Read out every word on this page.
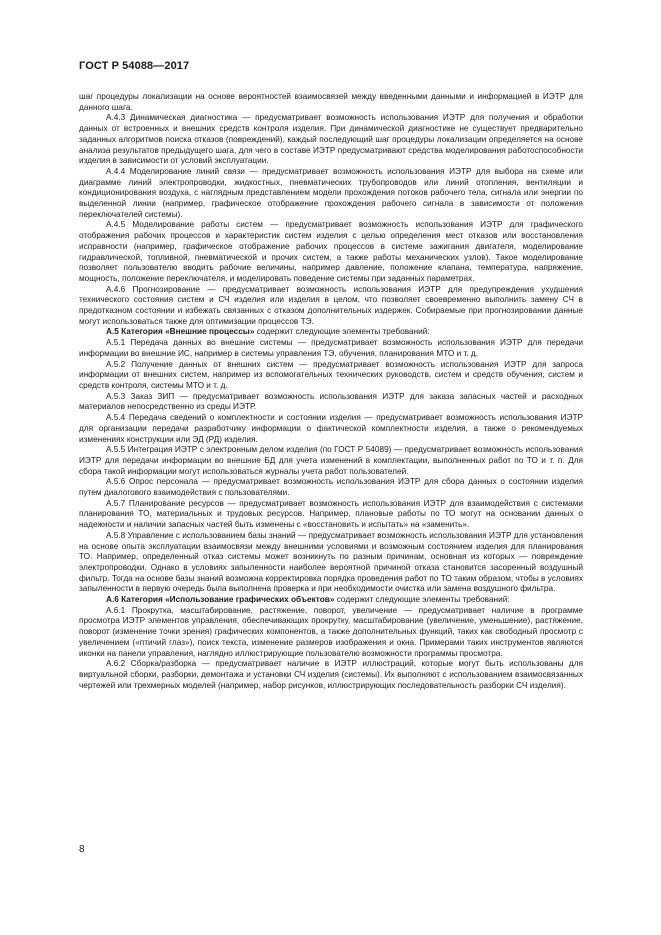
ГОСТ Р 54088—2017

шаг процедуры локализации на основе вероятностей взаимосвязей между введенными данными и информацией в ИЭТР для данного шага.

А.4.3 Динамическая диагностика — предусматривает возможность использования ИЭТР для получения и обработки данных от встроенных и внешних средств контроля изделия. При динамической диагностике не существует предварительно заданных алгоритмов поиска отказов (повреждений), каждый последующий шаг процедуры локализации определяется на основе анализа результатов предыдущего шага, для чего в составе ИЭТР предусматривают средства моделирования работоспособности изделия в зависимости от условий эксплуатации.

А.4.4 Моделирование линий связи — предусматривает возможность использования ИЭТР для выбора на схеме или диаграмме линий электропроводки, жидкостных, пневматических трубопроводов или линий отопления, вентиляции и кондиционирования воздуха, с наглядным представлением модели прохождения потоков рабочего тела, сигнала или энергии по выделенной линии (например, графическое отображение прохождения рабочего сигнала в зависимости от положения переключателей системы).

А.4.5 Моделирование работы систем — предусматривает возможность использования ИЭТР для графического отображения рабочих процессов и характеристик систем изделия с целью определения мест отказов или восстановления исправности (например, графическое отображение рабочих процессов в системе зажигания двигателя, моделирование гидравлической, топливной, пневматической и прочих систем, а также работы механических узлов). Такое моделирование позволяет пользователю вводить рабочие величины, например давление, положение клапана, температура, напряжение, мощность, положение переключателя, и моделировать поведение системы при заданных параметрах.

А.4.6 Прогнозирование — предусматривает возможность использования ИЭТР для предупреждения ухудшения технического состояния систем и СЧ изделия или изделия в целом, что позволяет своевременно выполнить замену СЧ в предотказном состоянии и избежать связанных с отказом дополнительных издержек. Собираемые при прогнозировании данные могут использоваться также для оптимизации процессов ТЭ.

А.5 Категория «Внешние процессы» содержит следующие элементы требований:

А.5.1 Передача данных во внешние системы — предусматривает возможность использования ИЭТР для передачи информации во внешние ИС, например в системы управления ТЭ, обучения, планирования МТО и т. д.

А.5.2 Получение данных от внешних систем — предусматривает возможность использования ИЭТР для запроса информации от внешних систем, например из вспомогательных технических руководств, систем и средств обучения, систем и средств контроля, системы МТО и т. д.

А.5.3 Заказ ЗИП — предусматривает возможность использования ИЭТР для заказа запасных частей и расходных материалов непосредственно из среды ИЭТР.

А.5.4 Передача сведений о комплектности и состоянии изделия — предусматривает возможность использования ИЭТР для организации передачи разработчику информации о фактической комплектности изделия, а также о рекомендуемых изменениях конструкции или ЭД (РД) изделия.

А.5.5 Интеграция ИЭТР с электронным делом изделия (по ГОСТ Р 54089) — предусматривает возможность использования ИЭТР для передачи информации во внешние БД для учета изменений в комплектации, выполненных работ по ТО и т. п. Для сбора такой информации могут использоваться журналы учета работ пользователей.

А.5.6 Опрос персонала — предусматривает возможность использования ИЭТР для сбора данных о состоянии изделия путем диалогового взаимодействия с пользователями.

А.5.7 Планирование ресурсов — предусматривает возможность использования ИЭТР для взаимодействия с системами планирования ТО, материальных и трудовых ресурсов. Например, плановые работы по ТО могут на основании данных о надежности и наличии запасных частей быть изменены с «восстановить и испытать» на «заменить».

А.5.8 Управление с использованием базы знаний — предусматривает возможность использования ИЭТР для установления на основе опыта эксплуатации взаимосвязи между внешними условиями и возможным состоянием изделия для планирования ТО. Например, определенный отказ системы может возникнуть по разным причинам, основная из которых — повреждение электропроводки. Однако в условиях запыленности наиболее вероятной причиной отказа становится засоренный воздушный фильтр. Тогда на основе базы знаний возможна корректировка порядка проведения работ по ТО таким образом, чтобы в условиях запыленности в первую очередь была выполнена проверка и при необходимости очистка или замена воздушного фильтра.

А.6 Категория «Использование графических объектов» содержит следующие элементы требований:

А.6.1 Прокрутка, масштабирование, растяжение, поворот, увеличение — предусматривает наличие в программе просмотра ИЭТР элементов управления, обеспечивающих прокрутку, масштабирование (увеличение, уменьшение), растяжение, поворот (изменение точки зрения) графических компонентов, а также дополнительных функций, таких как свободный просмотр с увеличением («птичий глаз»), поиск текста, изменение размеров изображения и окна. Примерами таких инструментов являются иконки на панели управления, наглядно иллюстрирующие пользователю возможности программы просмотра.

А.6.2 Сборка/разборка — предусматривает наличие в ИЭТР иллюстраций, которые могут быть использованы для виртуальной сборки, разборки, демонтажа и установки СЧ изделия (системы). Их выполняют с использованием взаимосвязанных чертежей или трехмерных моделей (например, набор рисунков, иллюстрирующих последовательность разборки СЧ изделия).

8
